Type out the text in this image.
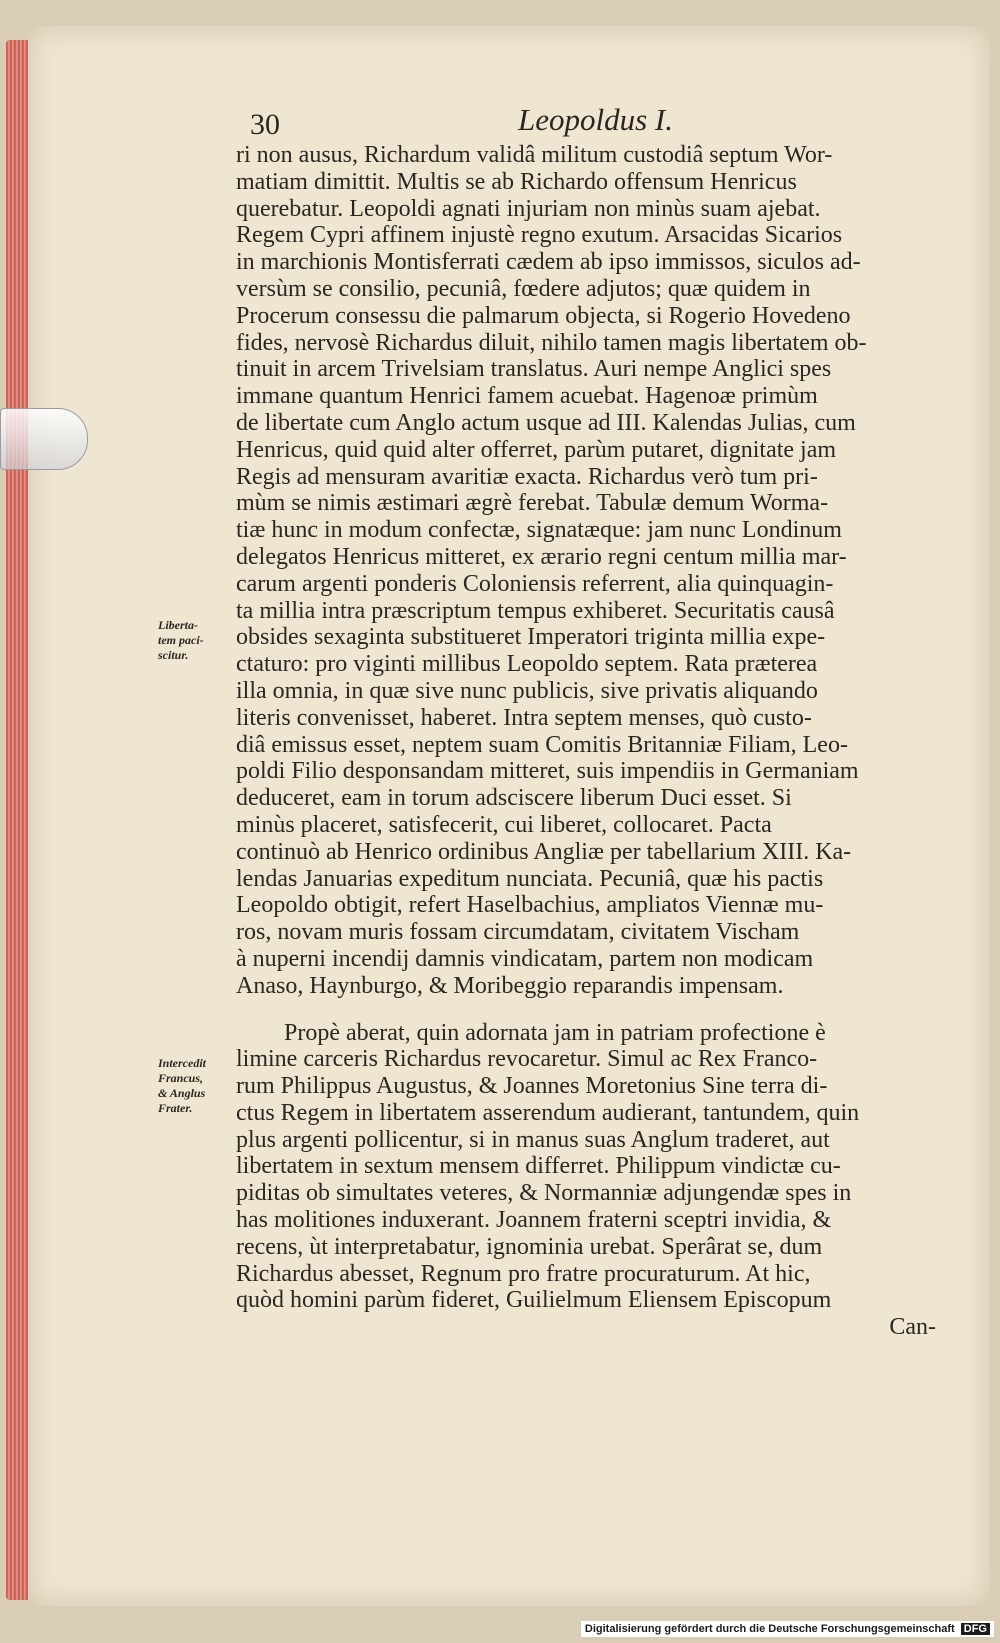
30	Leopoldus I.
Liberta-
tem paci-
scitur.
Intercedit
Francus,
& Anglus
Frater.
ri non ausus, Richardum validâ militum custodiâ septum Wor-
matiam dimittit. Multis se ab Richardo offensum Henricus
querebatur. Leopoldi agnati injuriam non minùs suam ajebat.
Regem Cypri affinem injustè regno exutum. Arsacidas Sicarios
in marchionis Montisferrati cædem ab ipso immissos, siculos ad-
versùm se consilio, pecuniâ, fœdere adjutos; quæ quidem in
Procerum consessu die palmarum objecta, si Rogerio Hovedeno
fides, nervosè Richardus diluit, nihilo tamen magis libertatem ob-
tinuit in arcem Trivelsiam translatus. Auri nempe Anglici spes
immane quantum Henrici famem acuebat. Hagenoæ primùm
de libertate cum Anglo actum usque ad III. Kalendas Julias, cum
Henricus, quid quid alter offerret, parùm putaret, dignitate jam
Regis ad mensuram avaritiæ exacta. Richardus verò tum pri-
mùm se nimis æstimari ægrè ferebat. Tabulæ demum Worma-
tiæ hunc in modum confectæ, signatæque: jam nunc Londinum
delegatos Henricus mitteret, ex ærario regni centum millia mar-
carum argenti ponderis Coloniensis referrent, alia quinquagin-
ta millia intra præscriptum tempus exhiberet. Securitatis causâ
obsides sexaginta substitueret Imperatori triginta millia expe-
ctaturo: pro viginti millibus Leopoldo septem. Rata præterea
illa omnia, in quæ sive nunc publicis, sive privatis aliquando
literis convenisset, haberet. Intra septem menses, quò custo-
diâ emissus esset, neptem suam Comitis Britanniæ Filiam, Leo-
poldi Filio desponsandam mitteret, suis impendiis in Germaniam
deduceret, eam in torum adsciscere liberum Duci esset. Si
minùs placeret, satisfecerit, cui liberet, collocaret. Pacta
continuò ab Henrico ordinibus Angliæ per tabellarium XIII. Ka-
lendas Januarias expeditum nunciata. Pecuniâ, quæ his pactis
Leopoldo obtigit, refert Haselbachius, ampliatos Viennæ mu-
ros, novam muris fossam circumdatam, civitatem Vischam
à nuperni incendij damnis vindicatam, partem non modicam
Anaso, Haynburgo, & Moribeggio reparandis impensam.
Propè aberat, quin adornata jam in patriam profectione è
limine carceris Richardus revocaretur. Simul ac Rex Franco-
rum Philippus Augustus, & Joannes Moretonius Sine terra di-
ctus Regem in libertatem asserendum audierant, tantundem, quin
plus argenti pollicentur, si in manus suas Anglum traderet, aut
libertatem in sextum mensem differret. Philippum vindictæ cu-
piditas ob simultates veteres, & Normanniæ adjungendæ spes in
has molitiones induxerant. Joannem fraterni sceptri invidia, &
recens, ùt interpretabatur, ignominia urebat. Sperârat se, dum
Richardus abesset, Regnum pro fratre procuraturum. At hic,
quòd homini parùm fideret, Guilielmum Eliensem Episcopum
Can-
Digitalisierung gefördert durch die Deutsche Forschungsgemeinschaft DFG
